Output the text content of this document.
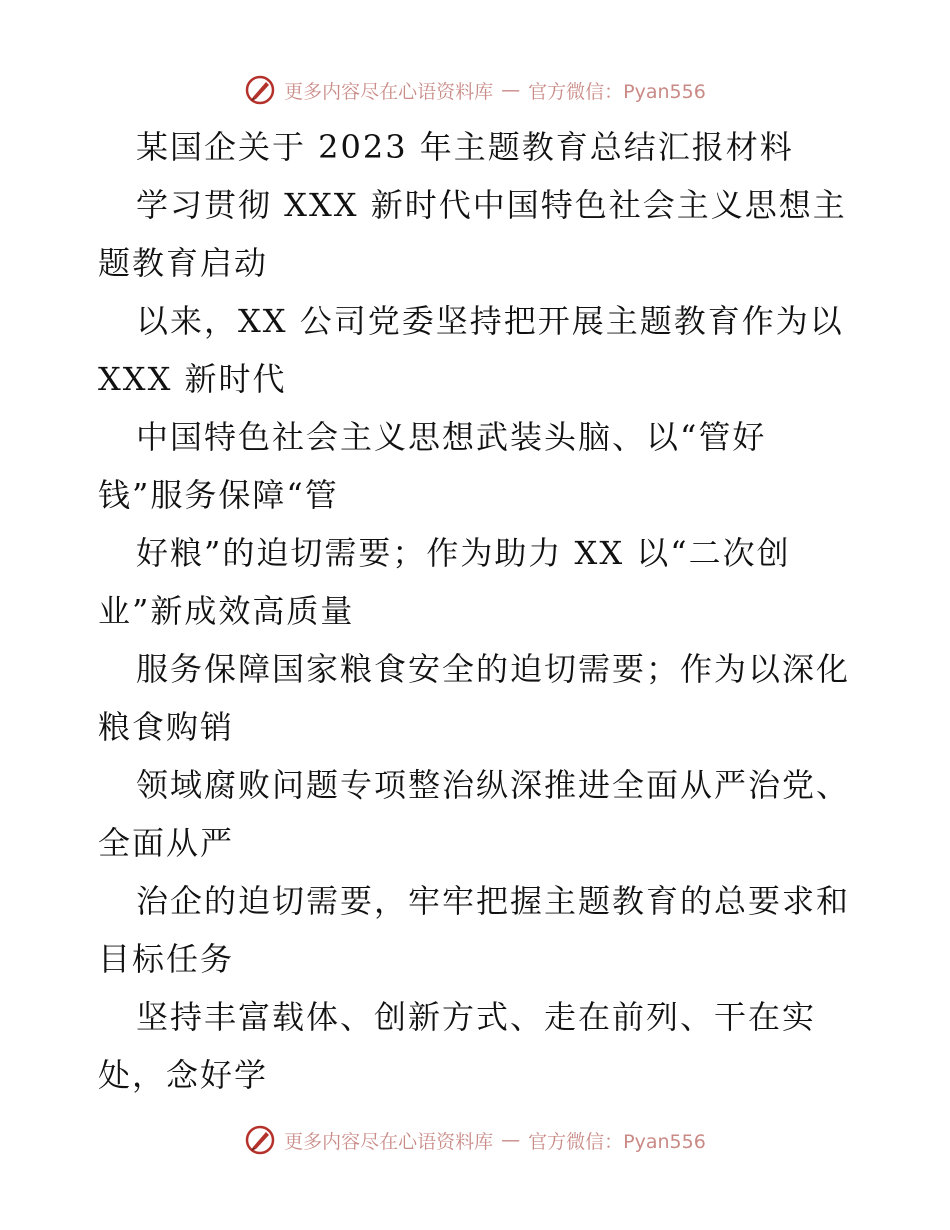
更多内容尽在心语资料库 — 官方微信：Pyan556
某国企关于 2023 年主题教育总结汇报材料
学习贯彻 XXX 新时代中国特色社会主义思想主
题教育启动
以来，XX 公司党委坚持把开展主题教育作为以
XXX 新时代
中国特色社会主义思想武装头脑、以“管好
钱”服务保障“管
好粮”的迫切需要；作为助力 XX 以“二次创
业”新成效高质量
服务保障国家粮食安全的迫切需要；作为以深化
粮食购销
领域腐败问题专项整治纵深推进全面从严治党、
全面从严
治企的迫切需要，牢牢把握主题教育的总要求和
目标任务
坚持丰富载体、创新方式、走在前列、干在实
处，念好学
更多内容尽在心语资料库 — 官方微信：Pyan556
